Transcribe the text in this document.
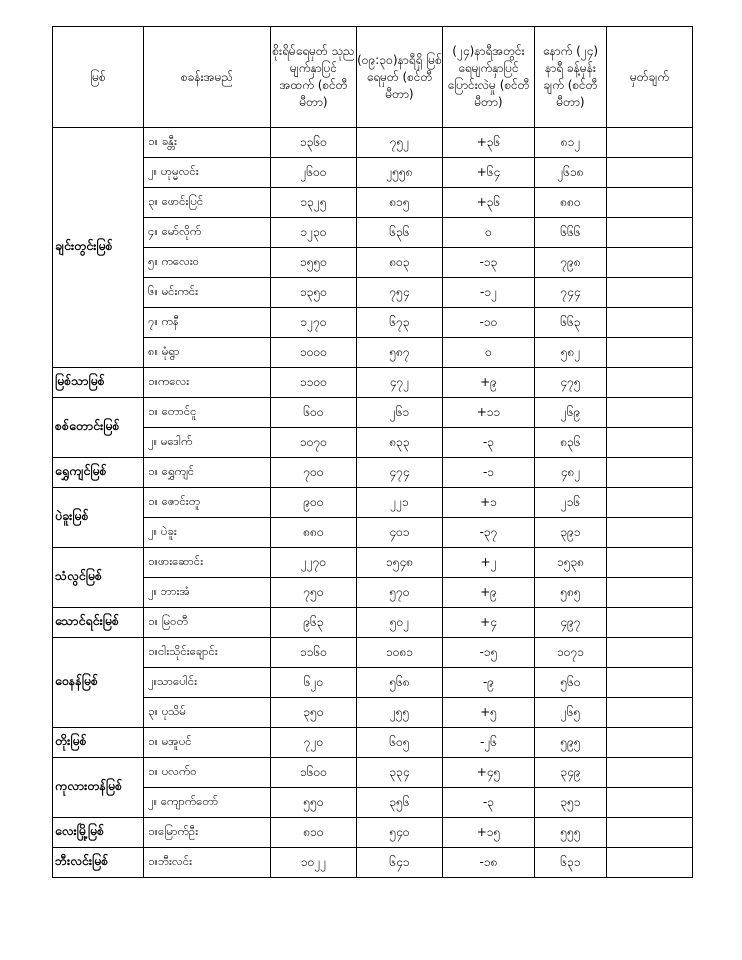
မြစ်	စခန်းအမည်	စိုးရိမ်ရေမှတ် သုညမျက်နှာပြင် အထက် (စင်တီမီတာ)	(၀၉:၃၀)နာရီရှိ မြစ်ရေမှတ် (စင်တီမီတာ)	(၂၄)နာရီအတွင်း ရေမျက်နှာပြင် ပြောင်းလဲမှု (စင်တီမီတာ)	နောက် (၂၄) နာရီ ခန့်မှန်းချက် (စင်တီမီတာ)	မှတ်ချက်
ချင်းတွင်းမြစ်	၁။ ခန္တီး	၁၃၆၀	၇၅၂	+၃၆	၈၁၂	
	၂။ ဟုမ္မလင်း	၂၆၀၀	၂၅၅၈	+၆၄	၂၆၁၈	
	၃။ ဖောင်းပြင်	၁၃၂၅	၈၁၅	+၃၆	၈၈၀	
	၄။ မော်လိုက်	၁၂၃၀	၆၃၆	၀	၆၆၆	
	၅။ ကလေးဝ	၁၅၅၀	၈၀၃	-၁၃	၇၉၈	
	၆။ မင်းကင်း	၁၃၅၀	၇၅၄	-၁၂	၇၄၄	
	၇။ ကနီ	၁၂၇၀	၆၇၃	-၁၀	၆၆၃	
	၈။ မုံရွာ	၁၀၀၀	၅၈၇	၀	၅၈၂	
မြစ်သာမြစ်	၁။ကလေး	၁၁၀၀	၄၇၂	+၉	၄၇၅	
စစ်တောင်းမြစ်	၁။ တောင်ငူ	၆၀၀	၂၆၁	+၁၁	၂၆၉	
	၂။ မဒေါက်	၁၀၇၀	၈၃၃	-၃	၈၃၆	
ရွှေကျင်မြစ်	၁။ ရွှေကျင်	၇၀၀	၄၇၄	-၁	၄၈၂	
ပဲခူးမြစ်	၁။ ဇောင်းတူ	၉၀၀	၂၂၁	+၁	၂၁၆	
	၂။ ပဲခူး	၈၈၀	၄၀၁	-၃၇	၃၉၁	
သံလွင်မြစ်	၁။ဖားဆောင်း	၂၂၇၀	၁၅၄၈	+၂	၁၅၃၈	
	၂။ ဘားအံ	၇၅၀	၅၇၀	+၉	၅၈၅	
သောင်ရင်းမြစ်	၁။ မြဝတီ	၉၆၃	၅၀၂	+၄	၄၉၇	
ဝေနန်မြစ်	၁။ငါးသိုင်းချောင်း	၁၁၆၀	၁၀၈၁	-၁၅	၁၀၇၁	
	၂။သာပေါင်း	၆၂၀	၅၆၈	-၉	၅၆၀	
	၃။ ပုသိမ်	၃၅၀	၂၅၅	+၅	၂၆၅	
တိုးမြစ်	၁။ မအူပင်	၇၂၀	၆၀၅	-၂၆	၅၉၅	
ကုလားတန်မြစ်	၁။ ပလက်ဝ	၁၆၀၀	၃၃၄	+၄၅	၃၄၉	
	၂။ ကျောက်တော်	၅၅၀	၃၅၆	-၃	၃၅၁	
လေးမြို့မြစ်	၁။မြောက်ဦး	၈၁၀	၅၄၀	+၁၅	၅၅၅	
ဘီးလင်းမြစ်	၁။ဘီးလင်း	၁၀၂၂	၆၄၁	-၁၈	၆၃၁	
